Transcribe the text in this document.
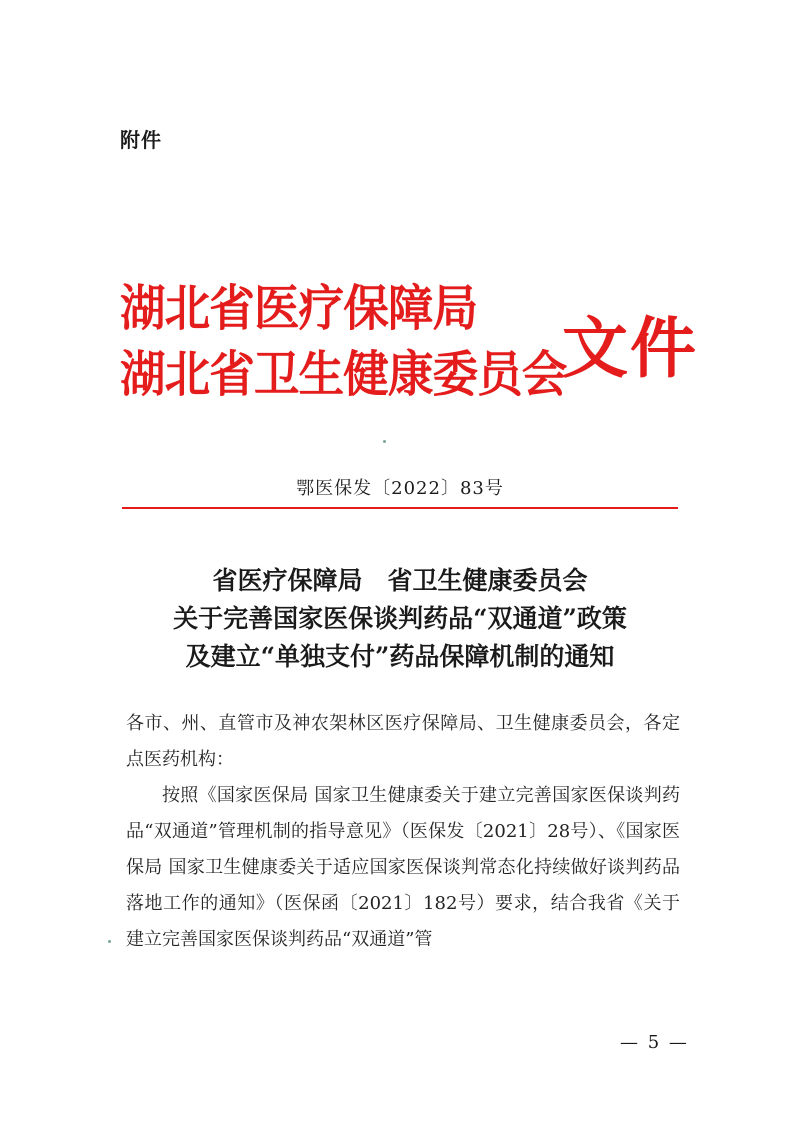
附件
湖北省医疗保障局
湖北省卫生健康委员会
文件
鄂医保发〔2022〕83号
省医疗保障局　省卫生健康委员会
关于完善国家医保谈判药品“双通道”政策
及建立“单独支付”药品保障机制的通知

各市、州、直管市及神农架林区医疗保障局、卫生健康委员会，各定点医药机构：

按照《国家医保局 国家卫生健康委关于建立完善国家医保谈判药品“双通道”管理机制的指导意见》（医保发〔2021〕28号）、《国家医保局 国家卫生健康委关于适应国家医保谈判常态化持续做好谈判药品落地工作的通知》（医保函〔2021〕182号）要求，结合我省《关于建立完善国家医保谈判药品“双通道”管

— 5 —
